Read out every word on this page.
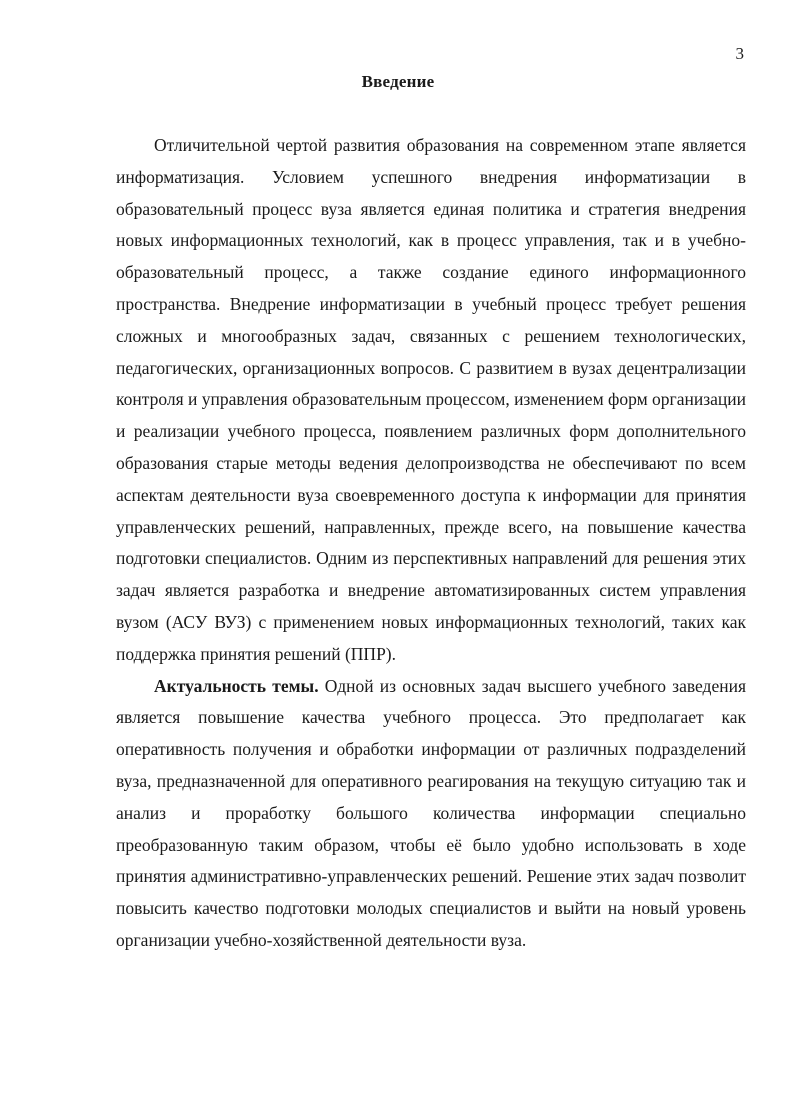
3
Введение

Отличительной чертой развития образования на современном этапе является информатизация. Условием успешного внедрения информатизации в образовательный процесс вуза является единая политика и стратегия внедрения новых информационных технологий, как в процесс управления, так и в учебно-образовательный процесс, а также создание единого информационного пространства. Внедрение информатизации в учебный процесс требует решения сложных и многообразных задач, связанных с решением технологических, педагогических, организационных вопросов. С развитием в вузах децентрализации контроля и управления образовательным процессом, изменением форм организации и реализации учебного процесса, появлением различных форм дополнительного образования старые методы ведения делопроизводства не обеспечивают по всем аспектам деятельности вуза своевременного доступа к информации для принятия управленческих решений, направленных, прежде всего, на повышение качества подготовки специалистов. Одним из перспективных направлений для решения этих задач является разработка и внедрение автоматизированных систем управления вузом (АСУ ВУЗ) с применением новых информационных технологий, таких как поддержка принятия решений (ППР).

Актуальность темы. Одной из основных задач высшего учебного заведения является повышение качества учебного процесса. Это предполагает как оперативность получения и обработки информации от различных подразделений вуза, предназначенной для оперативного реагирования на текущую ситуацию так и анализ и проработку большого количества информации специально преобразованную таким образом, чтобы её было удобно использовать в ходе принятия административно-управленческих решений. Решение этих задач позволит повысить качество подготовки молодых специалистов и выйти на новый уровень организации учебно-хозяйственной деятельности вуза.
